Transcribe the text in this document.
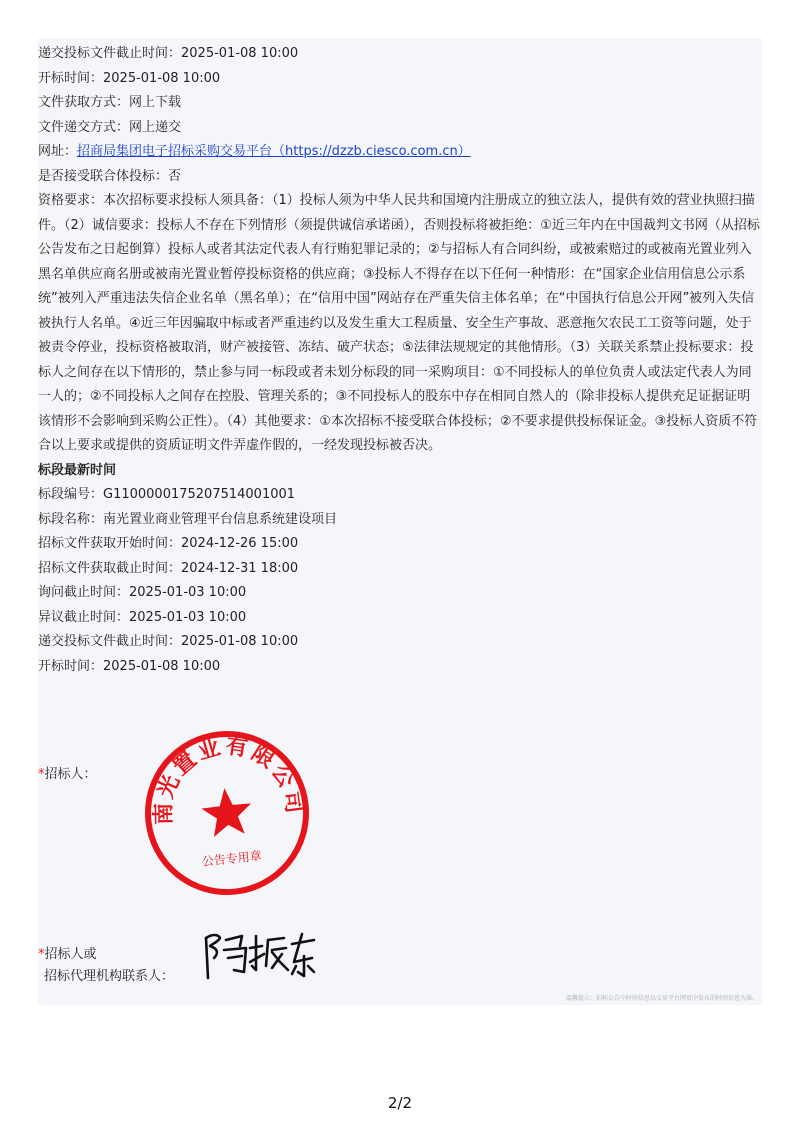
递交投标文件截止时间：2025-01-08 10:00
开标时间：2025-01-08 10:00
文件获取方式：网上下载
文件递交方式：网上递交
网址：招商局集团电子招标采购交易平台（https://dzzb.ciesco.com.cn）
是否接受联合体投标：否
资格要求：本次招标要求投标人须具备：（1）投标人须为中华人民共和国境内注册成立的独立法人，提供有效的营业执照扫描件。（2）诚信要求：投标人不存在下列情形（须提供诚信承诺函），否则投标将被拒绝：①近三年内在中国裁判文书网（从招标公告发布之日起倒算）投标人或者其法定代表人有行贿犯罪记录的；②与招标人有合同纠纷，或被索赔过的或被南光置业列入黑名单供应商名册或被南光置业暂停投标资格的供应商；③投标人不得存在以下任何一种情形：在“国家企业信用信息公示系统”被列入严重违法失信企业名单（黑名单）；在“信用中国”网站存在严重失信主体名单；在“中国执行信息公开网”被列入失信被执行人名单。④近三年因骗取中标或者严重违约以及发生重大工程质量、安全生产事故、恶意拖欠农民工工资等问题，处于被责令停业，投标资格被取消，财产被接管、冻结、破产状态；⑤法律法规规定的其他情形。（3）关联关系禁止投标要求：投标人之间存在以下情形的，禁止参与同一标段或者未划分标段的同一采购项目：①不同投标人的单位负责人或法定代表人为同一人的；②不同投标人之间存在控股、管理关系的；③不同投标人的股东中存在相同自然人的（除非投标人提供充足证据证明该情形不会影响到采购公正性）。（4）其他要求：①本次招标不接受联合体投标；②不要求提供投标保证金。③投标人资质不符合以上要求或提供的资质证明文件弄虚作假的，一经发现投标被否决。
标段最新时间
标段编号：G1100000175207514001001
标段名称：南光置业商业管理平台信息系统建设项目
招标文件获取开始时间：2024-12-26 15:00
招标文件获取截止时间：2024-12-31 18:00
询问截止时间：2025-01-03 10:00
异议截止时间：2025-01-03 10:00
递交投标文件截止时间：2025-01-08 10:00
开标时间：2025-01-08 10:00
*招标人：
南光置业有限公司
公告专用章
*招标人或
招标代理机构联系人：
温馨提示：招标公告中时间信息以交易平台网页中发布的时间信息为准。
2/2
